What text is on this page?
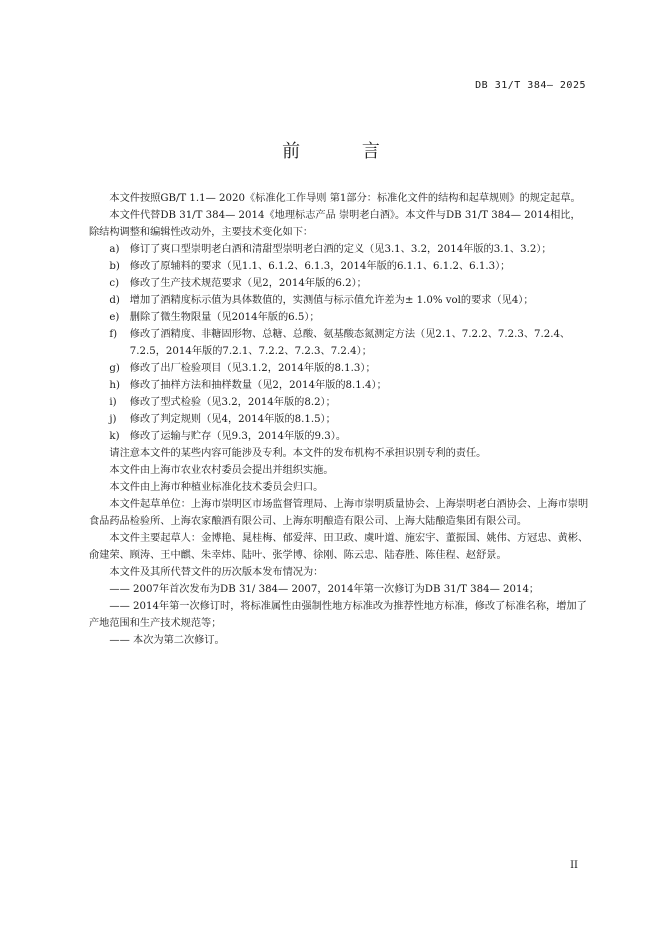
DB 31/T 384— 2025
前 言

本文件按照GB/T 1.1— 2020《标准化工作导则 第1部分：标准化文件的结构和起草规则》的规定起草。

本文件代替DB 31/T 384— 2014《地理标志产品 崇明老白酒》。本文件与DB 31/T 384— 2014相比，除结构调整和编辑性改动外，主要技术变化如下：

a)	修订了爽口型崇明老白酒和清甜型崇明老白酒的定义（见3.1、3.2，2014年版的3.1、3.2）；
b) 修改了原辅料的要求（见1.1、6.1.2、6.1.3，2014年版的6.1.1、6.1.2、6.1.3）；
c)	修改了生产技术规范要求（见2，2014年版的6.2）；
d) 增加了酒精度标示值为具体数值的，实测值与标示值允许差为± 1.0% vol的要求（见4）；
e)	删除了微生物限量（见2014年版的6.5）；
f)	修改了酒精度、非糖固形物、总糖、总酸、氨基酸态氮测定方法（见2.1、7.2.2、7.2.3、7.2.4、7.2.5，2014年版的7.2.1、7.2.2、7.2.3、7.2.4）；
g) 修改了出厂检验项目（见3.1.2，2014年版的8.1.3）；
h) 修改了抽样方法和抽样数量（见2，2014年版的8.1.4）；
i)	修改了型式检验（见3.2，2014年版的8.2）；
j)	修改了判定规则（见4，2014年版的8.1.5）；
k)	修改了运输与贮存（见9.3，2014年版的9.3）。

请注意本文件的某些内容可能涉及专利。本文件的发布机构不承担识别专利的责任。

本文件由上海市农业农村委员会提出并组织实施。

本文件由上海市种植业标准化技术委员会归口。

本文件起草单位：上海市崇明区市场监督管理局、上海市崇明质量协会、上海崇明老白酒协会、上海市崇明食品药品检验所、上海农家酿酒有限公司、上海东明酿造有限公司、上海大陆酿造集团有限公司。

本文件主要起草人：金博艳、晁桂梅、郁爱萍、田卫政、虞叶道、施宏宇、董振国、姚伟、方冠忠、黄彬、俞建荣、顾涛、王中麒、朱幸炜、陆叶、张学博、徐刚、陈云忠、陆春胜、陈佳程、赵舒景。

本文件及其所代替文件的历次版本发布情况为：

—— 2007年首次发布为DB 31/ 384— 2007，2014年第一次修订为DB 31/T 384— 2014；

—— 2014年第一次修订时，将标准属性由强制性地方标准改为推荐性地方标准，修改了标准名称，增加了产地范围和生产技术规范等；

—— 本次为第二次修订。

II
